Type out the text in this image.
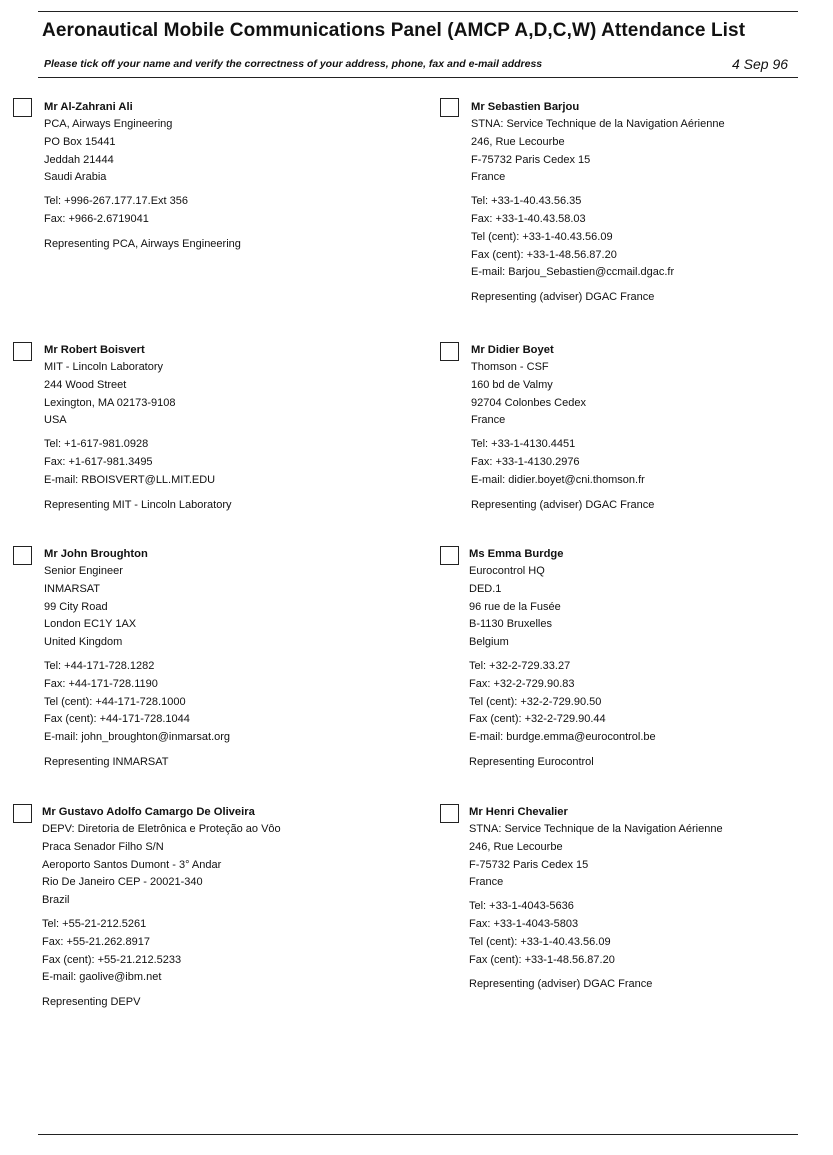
Aeronautical Mobile Communications Panel (AMCP A,D,C,W) Attendance List
Please tick off your name and verify the correctness of your address, phone, fax and e-mail address	4 Sep 96
Mr Al-Zahrani Ali
PCA, Airways Engineering
PO Box 15441
Jeddah 21444
Saudi Arabia
Tel: +996-267.177.17.Ext 356
Fax: +966-2.6719041
Representing PCA, Airways Engineering
Mr Sebastien Barjou
STNA: Service Technique de la Navigation Aérienne
246, Rue Lecourbe
F-75732 Paris Cedex 15
France
Tel: +33-1-40.43.56.35
Fax: +33-1-40.43.58.03
Tel (cent): +33-1-40.43.56.09
Fax (cent): +33-1-48.56.87.20
E-mail: Barjou_Sebastien@ccmail.dgac.fr
Representing (adviser) DGAC France
Mr Robert Boisvert
MIT - Lincoln Laboratory
244 Wood Street
Lexington, MA 02173-9108
USA
Tel: +1-617-981.0928
Fax: +1-617-981.3495
E-mail: RBOISVERT@LL.MIT.EDU
Representing MIT - Lincoln Laboratory
Mr Didier Boyet
Thomson - CSF
160 bd de Valmy
92704 Colonbes Cedex
France
Tel: +33-1-4130.4451
Fax: +33-1-4130.2976
E-mail: didier.boyet@cni.thomson.fr
Representing (adviser) DGAC France
Mr John Broughton
Senior Engineer
INMARSAT
99 City Road
London EC1Y 1AX
United Kingdom
Tel: +44-171-728.1282
Fax: +44-171-728.1190
Tel (cent): +44-171-728.1000
Fax (cent): +44-171-728.1044
E-mail: john_broughton@inmarsat.org
Representing INMARSAT
Ms Emma Burdge
Eurocontrol HQ
DED.1
96 rue de la Fusée
B-1130 Bruxelles
Belgium
Tel: +32-2-729.33.27
Fax: +32-2-729.90.83
Tel (cent): +32-2-729.90.50
Fax (cent): +32-2-729.90.44
E-mail: burdge.emma@eurocontrol.be
Representing Eurocontrol
Mr Gustavo Adolfo Camargo De Oliveira
DEPV: Diretoria de Eletrônica e Proteção ao Vôo
Praca Senador Filho S/N
Aeroporto Santos Dumont - 3° Andar
Rio De Janeiro CEP - 20021-340
Brazil
Tel: +55-21-212.5261
Fax: +55-21.262.8917
Fax (cent): +55-21.212.5233
E-mail: gaolive@ibm.net
Representing DEPV
Mr Henri Chevalier
STNA: Service Technique de la Navigation Aérienne
246, Rue Lecourbe
F-75732 Paris Cedex 15
France
Tel: +33-1-4043-5636
Fax: +33-1-4043-5803
Tel (cent): +33-1-40.43.56.09
Fax (cent): +33-1-48.56.87.20
Representing (adviser) DGAC France
